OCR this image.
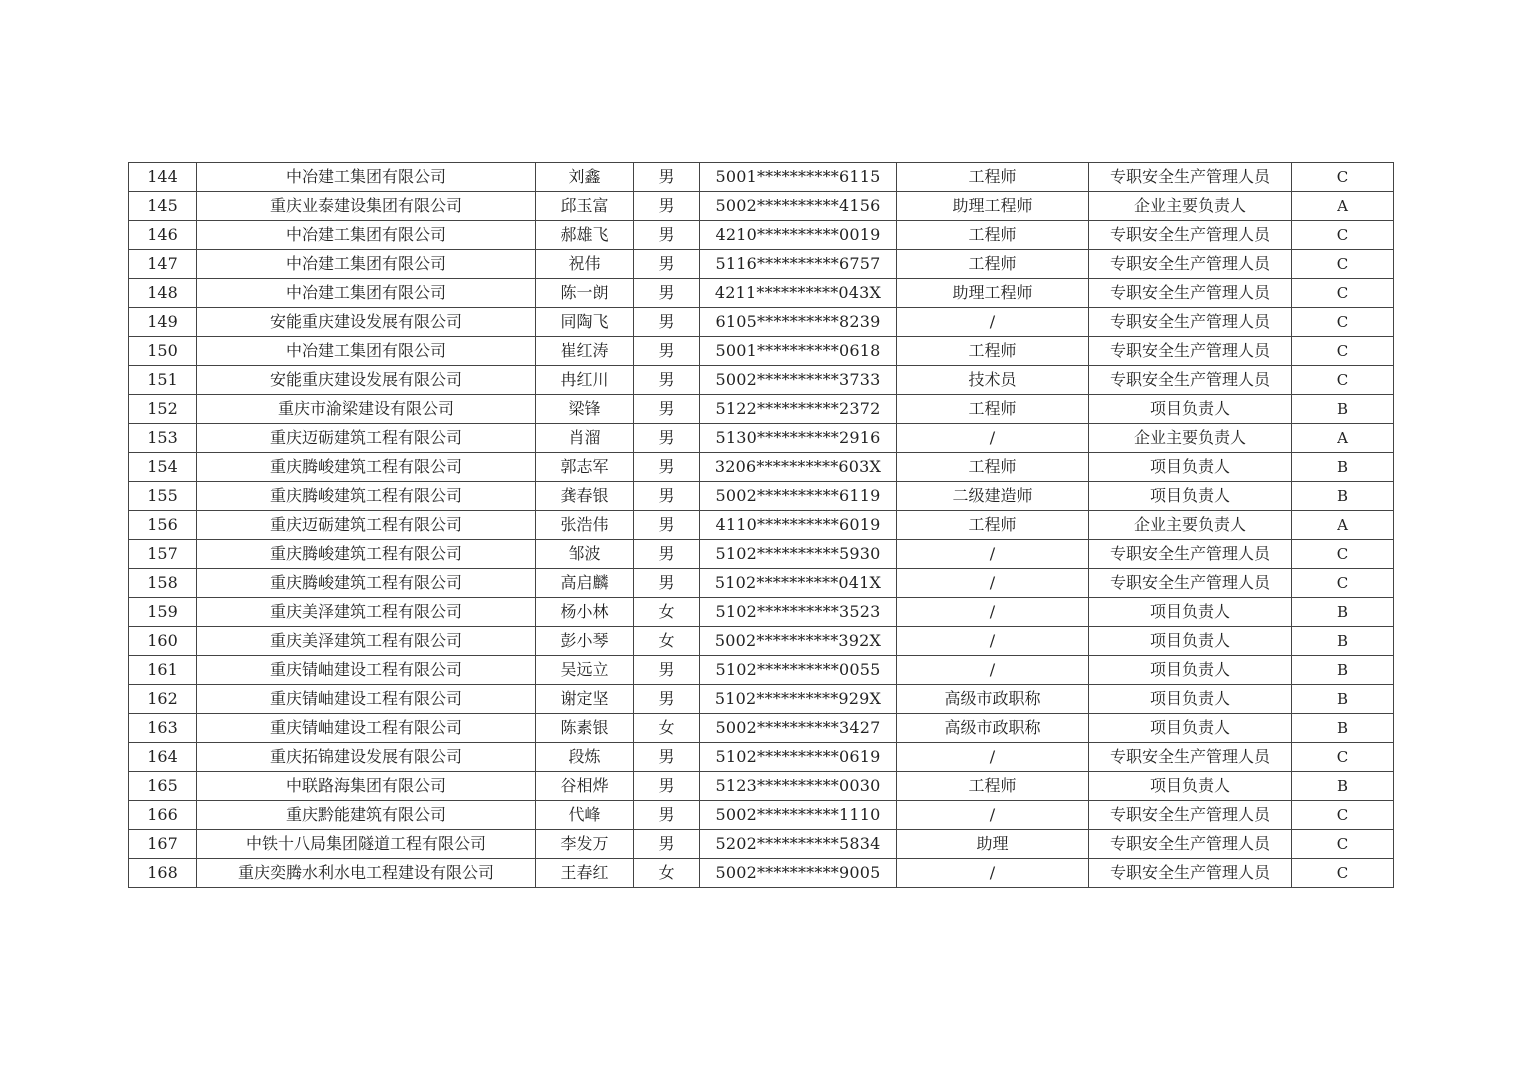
144	中冶建工集团有限公司	刘鑫	男	5001**********6115	工程师	专职安全生产管理人员	C
145	重庆业泰建设集团有限公司	邱玉富	男	5002**********4156	助理工程师	企业主要负责人	A
146	中冶建工集团有限公司	郝雄飞	男	4210**********0019	工程师	专职安全生产管理人员	C
147	中冶建工集团有限公司	祝伟	男	5116**********6757	工程师	专职安全生产管理人员	C
148	中冶建工集团有限公司	陈一朗	男	4211**********043X	助理工程师	专职安全生产管理人员	C
149	安能重庆建设发展有限公司	同陶飞	男	6105**********8239	/	专职安全生产管理人员	C
150	中冶建工集团有限公司	崔红涛	男	5001**********0618	工程师	专职安全生产管理人员	C
151	安能重庆建设发展有限公司	冉红川	男	5002**********3733	技术员	专职安全生产管理人员	C
152	重庆市渝梁建设有限公司	梁锋	男	5122**********2372	工程师	项目负责人	B
153	重庆迈砺建筑工程有限公司	肖溜	男	5130**********2916	/	企业主要负责人	A
154	重庆腾峻建筑工程有限公司	郭志军	男	3206**********603X	工程师	项目负责人	B
155	重庆腾峻建筑工程有限公司	龚春银	男	5002**********6119	二级建造师	项目负责人	B
156	重庆迈砺建筑工程有限公司	张浩伟	男	4110**********6019	工程师	企业主要负责人	A
157	重庆腾峻建筑工程有限公司	邹波	男	5102**********5930	/	专职安全生产管理人员	C
158	重庆腾峻建筑工程有限公司	高启麟	男	5102**********041X	/	专职安全生产管理人员	C
159	重庆美泽建筑工程有限公司	杨小林	女	5102**********3523	/	项目负责人	B
160	重庆美泽建筑工程有限公司	彭小琴	女	5002**********392X	/	项目负责人	B
161	重庆锖岫建设工程有限公司	吴远立	男	5102**********0055	/	项目负责人	B
162	重庆锖岫建设工程有限公司	谢定坚	男	5102**********929X	高级市政职称	项目负责人	B
163	重庆锖岫建设工程有限公司	陈素银	女	5002**********3427	高级市政职称	项目负责人	B
164	重庆拓锦建设发展有限公司	段炼	男	5102**********0619	/	专职安全生产管理人员	C
165	中联路海集团有限公司	谷相烨	男	5123**********0030	工程师	项目负责人	B
166	重庆黔能建筑有限公司	代峰	男	5002**********1110	/	专职安全生产管理人员	C
167	中铁十八局集团隧道工程有限公司	李发万	男	5202**********5834	助理	专职安全生产管理人员	C
168	重庆奕腾水利水电工程建设有限公司	王春红	女	5002**********9005	/	专职安全生产管理人员	C
